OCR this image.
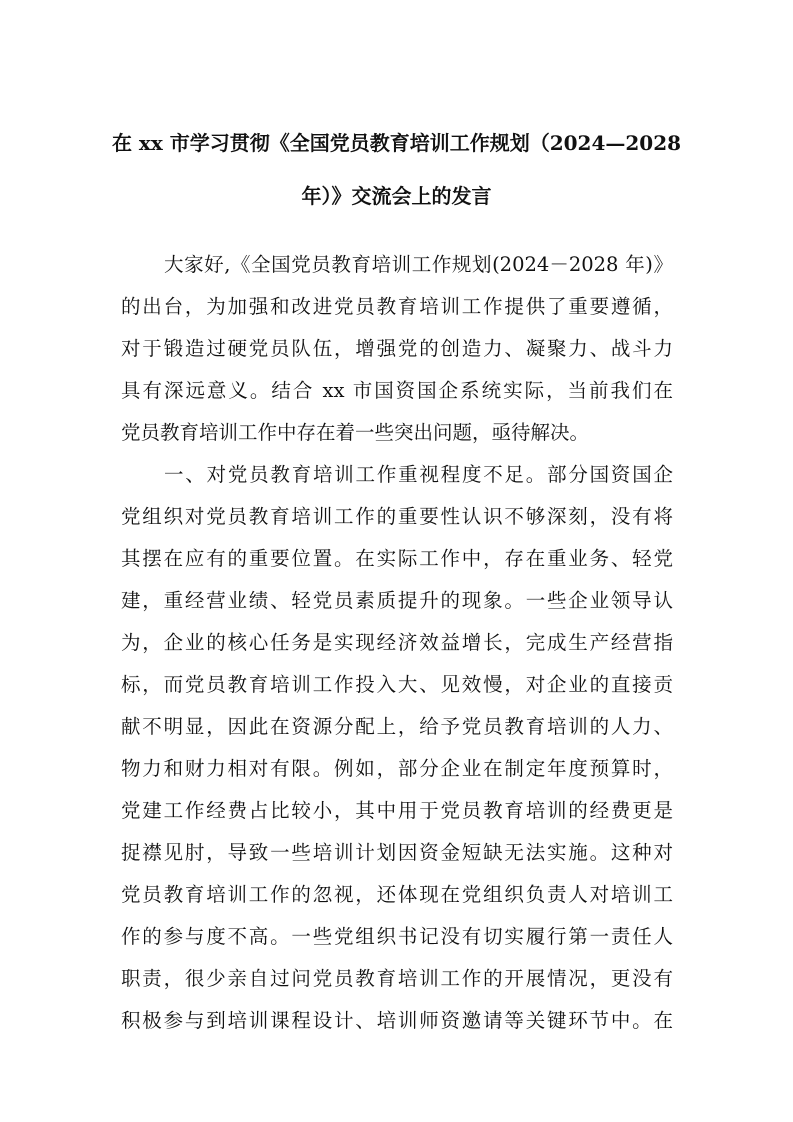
在 xx 市学习贯彻《全国党员教育培训工作规划（2024—2028
年）》交流会上的发言
大家好,《全国党员教育培训工作规划(2024－2028 年)》
的出台，为加强和改进党员教育培训工作提供了重要遵循，
对于锻造过硬党员队伍，增强党的创造力、凝聚力、战斗力
具有深远意义。结合 xx 市国资国企系统实际，当前我们在
党员教育培训工作中存在着一些突出问题，亟待解决。
一、对党员教育培训工作重视程度不足。部分国资国企
党组织对党员教育培训工作的重要性认识不够深刻，没有将
其摆在应有的重要位置。在实际工作中，存在重业务、轻党
建，重经营业绩、轻党员素质提升的现象。一些企业领导认
为，企业的核心任务是实现经济效益增长，完成生产经营指
标，而党员教育培训工作投入大、见效慢，对企业的直接贡
献不明显，因此在资源分配上，给予党员教育培训的人力、
物力和财力相对有限。例如，部分企业在制定年度预算时，
党建工作经费占比较小，其中用于党员教育培训的经费更是
捉襟见肘，导致一些培训计划因资金短缺无法实施。这种对
党员教育培训工作的忽视，还体现在党组织负责人对培训工
作的参与度不高。一些党组织书记没有切实履行第一责任人
职责，很少亲自过问党员教育培训工作的开展情况，更没有
积极参与到培训课程设计、培训师资邀请等关键环节中。在
